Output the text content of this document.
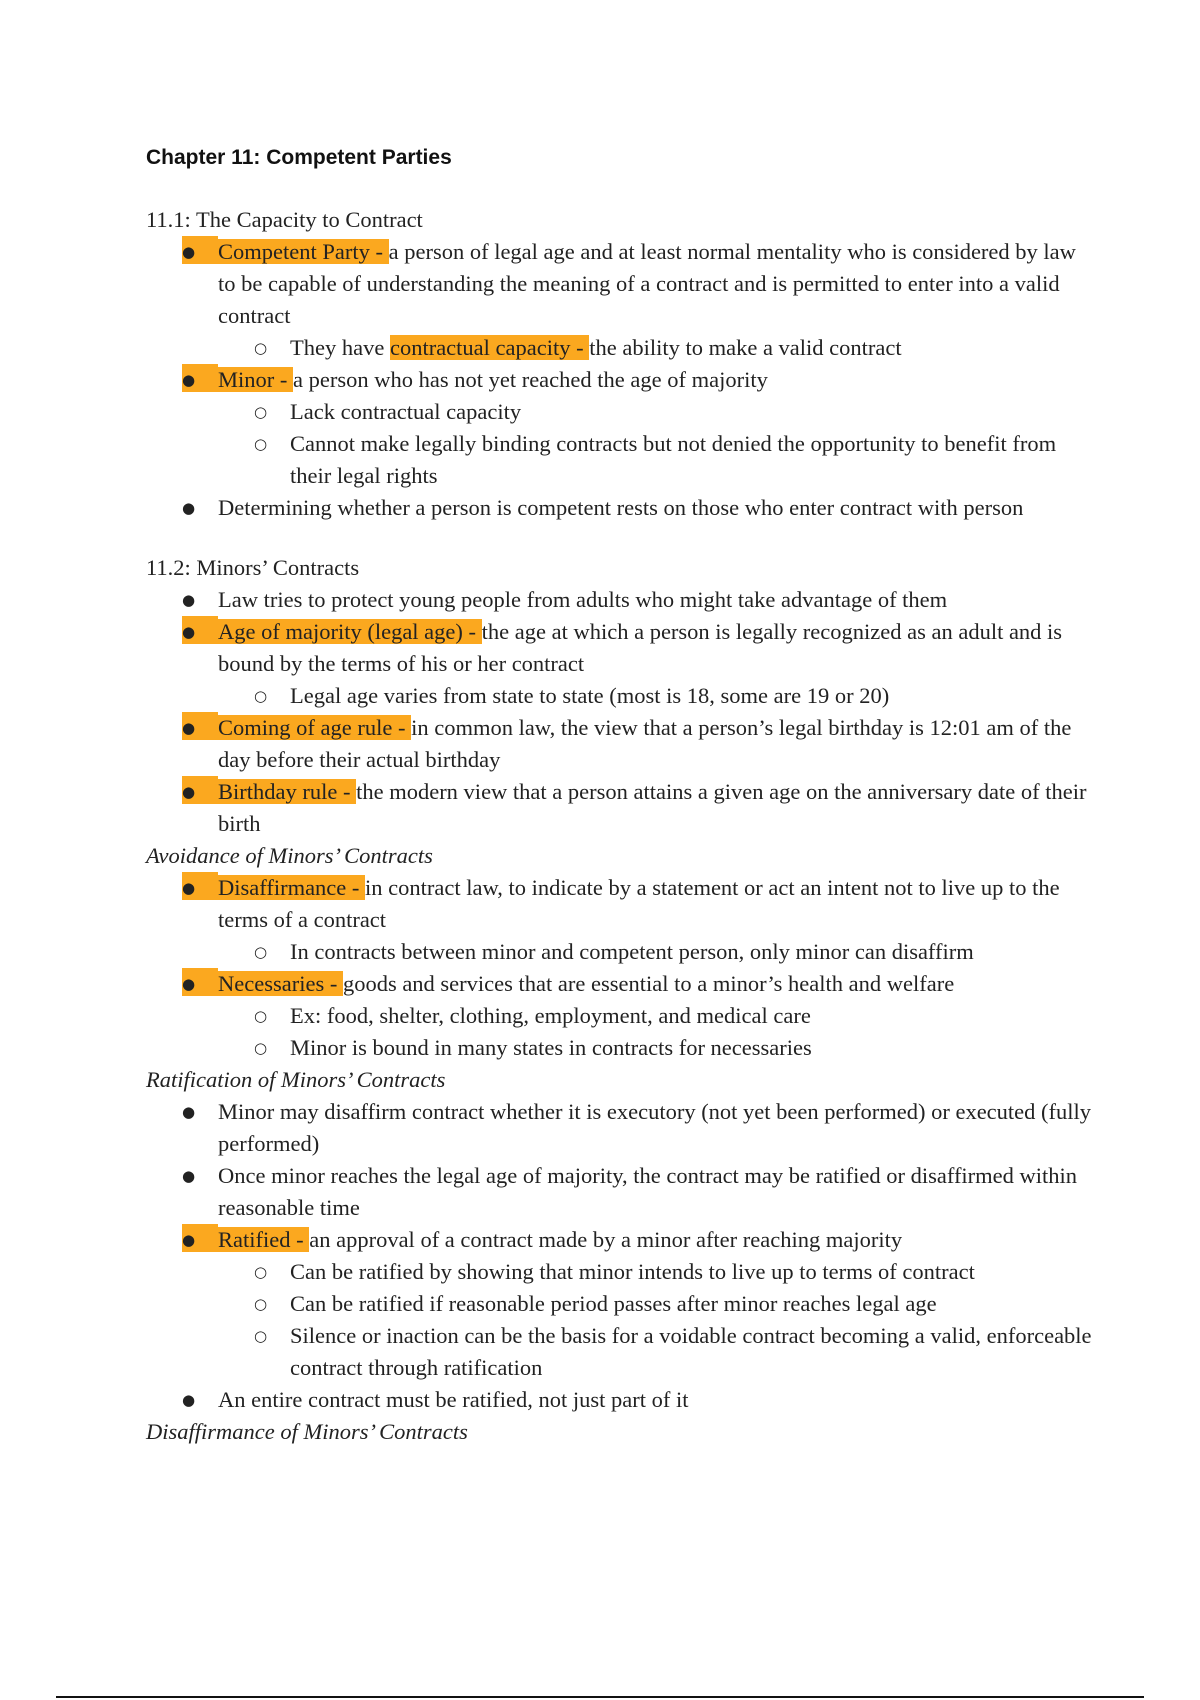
Chapter 11: Competent Parties
11.1: The Capacity to Contract
● Competent Party - a person of legal age and at least normal mentality who is considered by law to be capable of understanding the meaning of a contract and is permitted to enter into a valid contract
○ They have contractual capacity - the ability to make a valid contract
● Minor - a person who has not yet reached the age of majority
○ Lack contractual capacity
○ Cannot make legally binding contracts but not denied the opportunity to benefit from their legal rights
● Determining whether a person is competent rests on those who enter contract with person
11.2: Minors’ Contracts
● Law tries to protect young people from adults who might take advantage of them
● Age of majority (legal age) - the age at which a person is legally recognized as an adult and is bound by the terms of his or her contract
○ Legal age varies from state to state (most is 18, some are 19 or 20)
● Coming of age rule - in common law, the view that a person’s legal birthday is 12:01 am of the day before their actual birthday
● Birthday rule - the modern view that a person attains a given age on the anniversary date of their birth
Avoidance of Minors’ Contracts
● Disaffirmance - in contract law, to indicate by a statement or act an intent not to live up to the terms of a contract
○ In contracts between minor and competent person, only minor can disaffirm
● Necessaries - goods and services that are essential to a minor’s health and welfare
○ Ex: food, shelter, clothing, employment, and medical care
○ Minor is bound in many states in contracts for necessaries
Ratification of Minors’ Contracts
● Minor may disaffirm contract whether it is executory (not yet been performed) or executed (fully performed)
● Once minor reaches the legal age of majority, the contract may be ratified or disaffirmed within reasonable time
● Ratified - an approval of a contract made by a minor after reaching majority
○ Can be ratified by showing that minor intends to live up to terms of contract
○ Can be ratified if reasonable period passes after minor reaches legal age
○ Silence or inaction can be the basis for a voidable contract becoming a valid, enforceable contract through ratification
● An entire contract must be ratified, not just part of it
Disaffirmance of Minors’ Contracts
